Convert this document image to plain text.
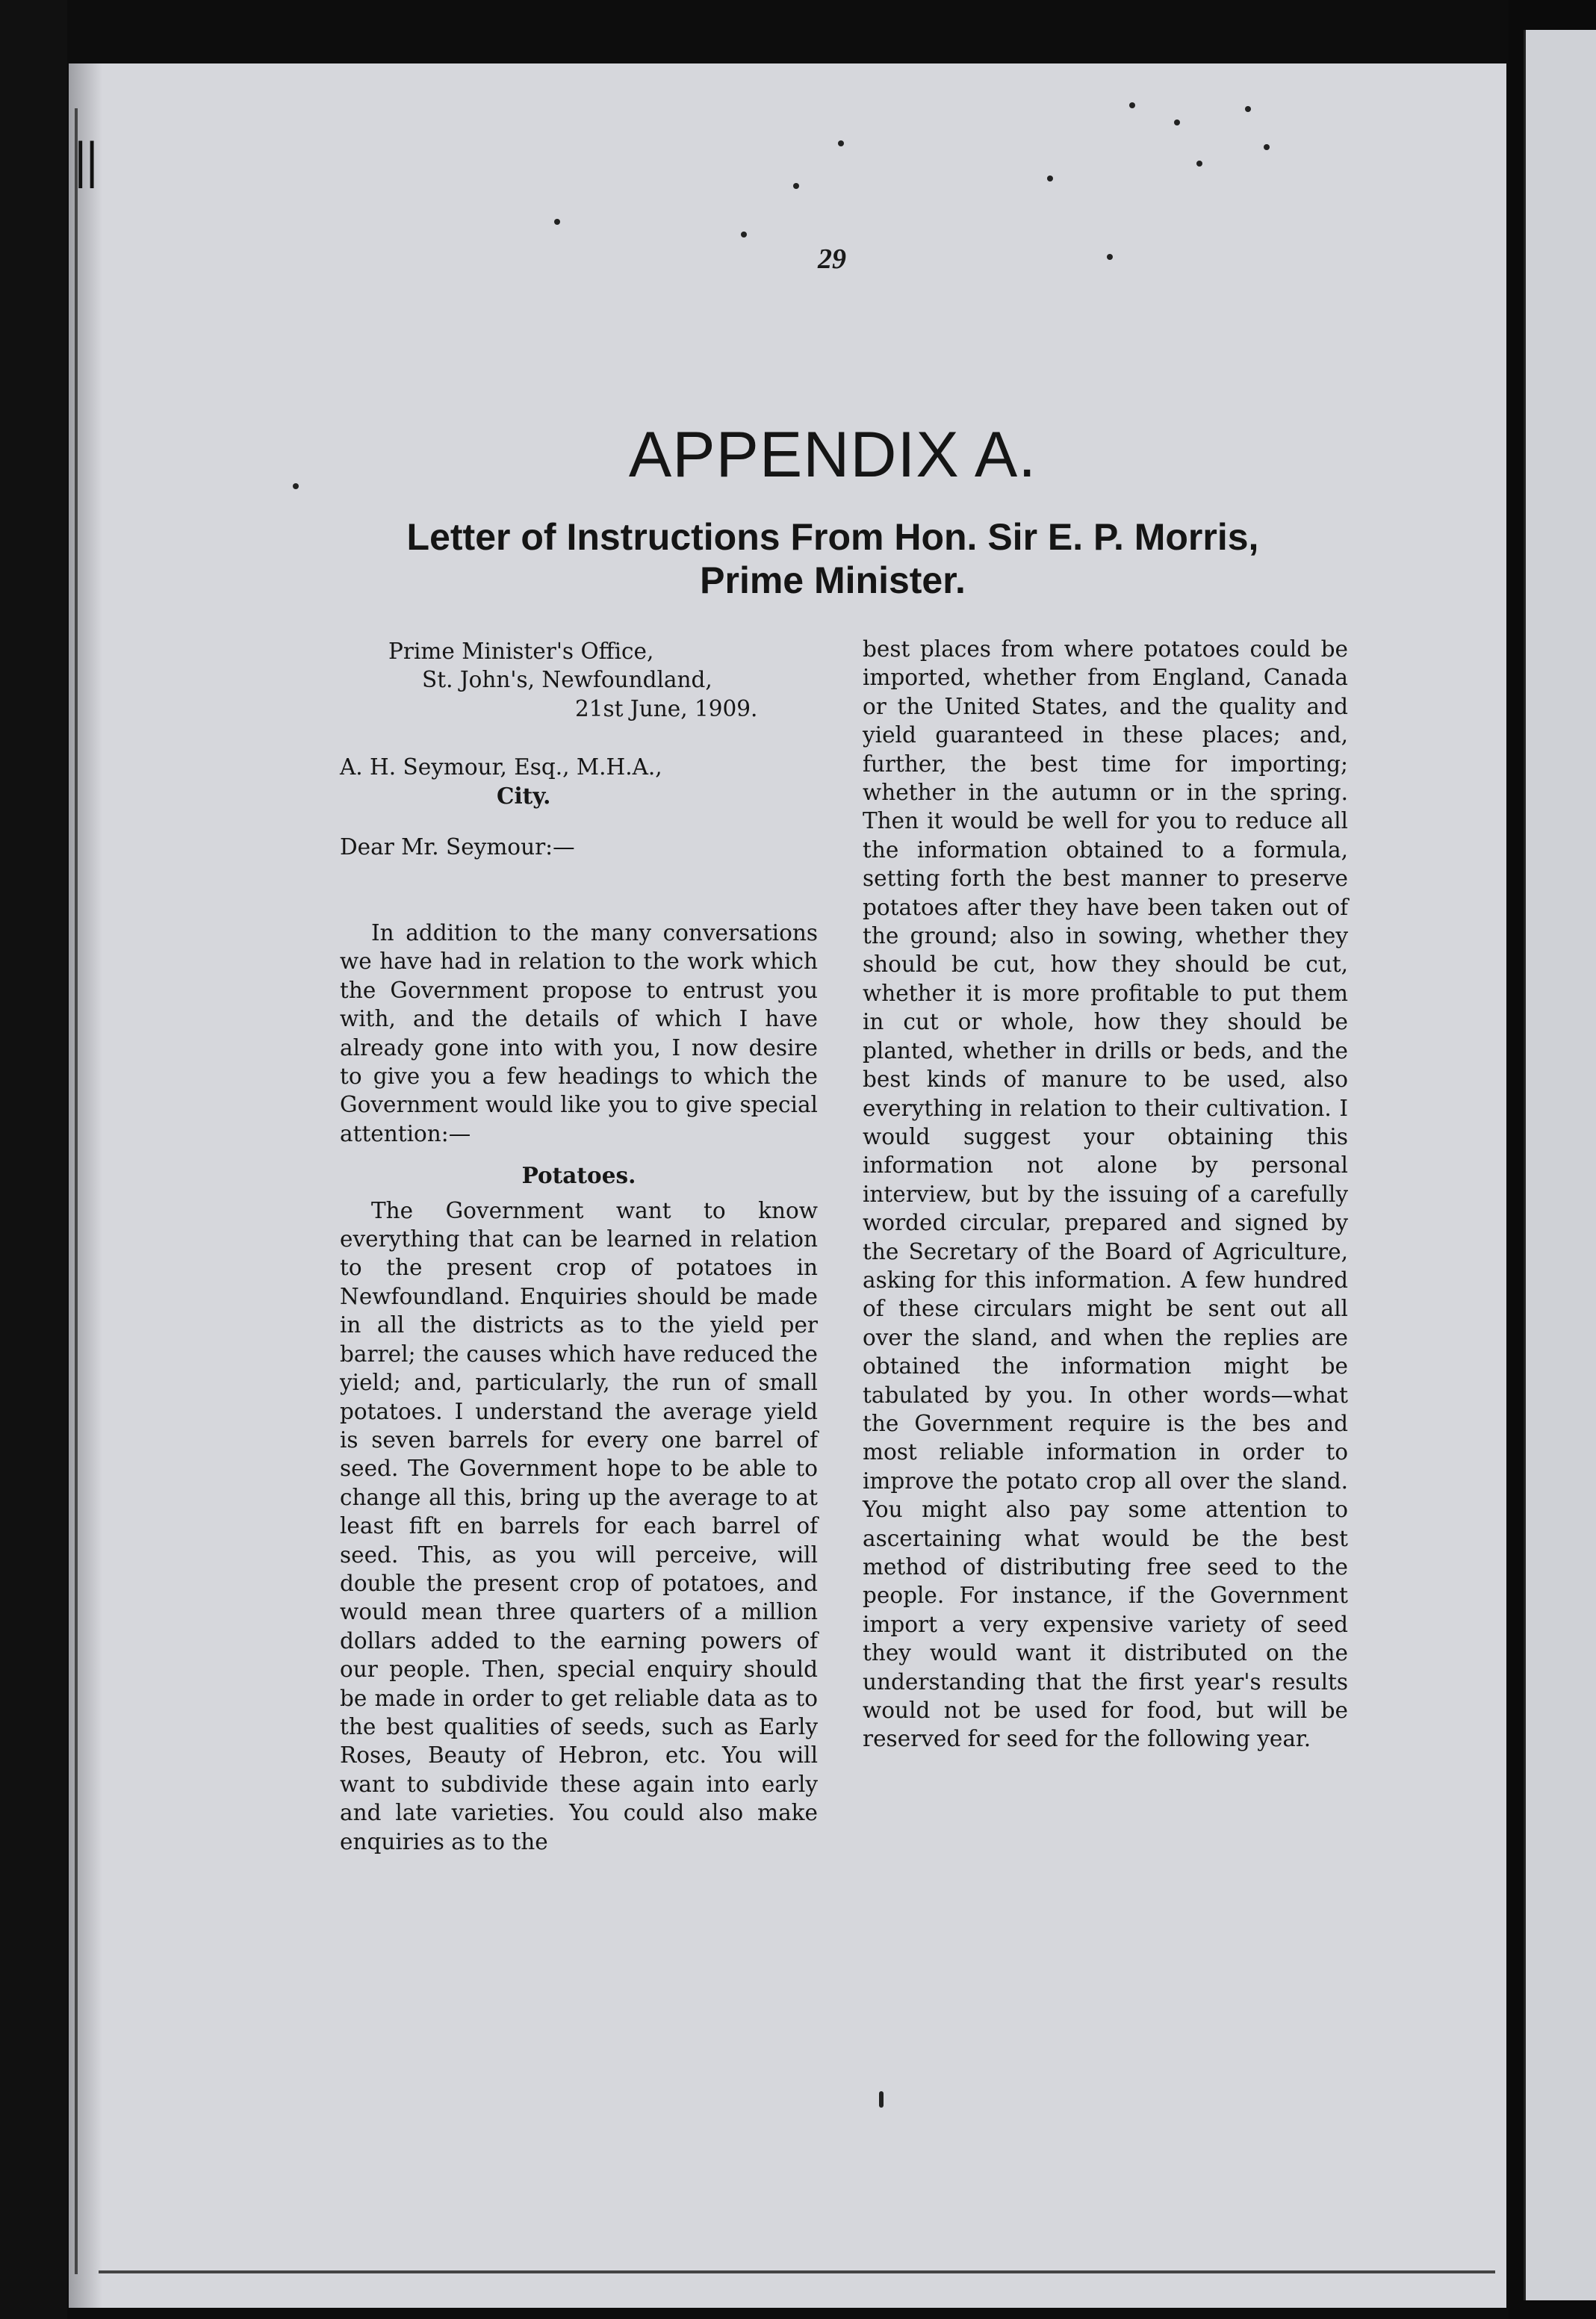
||
29
APPENDIX A.
Letter of Instructions From Hon. Sir E. P. Morris,
Prime Minister.
Prime Minister's Office,
St. John's, Newfoundland,
21st June, 1909.
A. H. Seymour, Esq., M.H.A.,
City.
Dear Mr. Seymour:—

In addition to the many conversations we have had in relation to the work which the Government propose to entrust you with, and the details of which I have already gone into with you, I now desire to give you a few headings to which the Government would like you to give special attention:—

Potatoes.

The Government want to know everything that can be learned in relation to the present crop of potatoes in Newfoundland. Enquiries should be made in all the districts as to the yield per barrel; the causes which have reduced the yield; and, particularly, the run of small potatoes. I understand the average yield is seven barrels for every one barrel of seed. The Government hope to be able to change all this, bring up the average to at least fift en barrels for each barrel of seed. This, as you will perceive, will double the present crop of potatoes, and would mean three quarters of a million dollars added to the earning powers of our people. Then, special enquiry should be made in order to get reliable data as to the best qualities of seeds, such as Early Roses, Beauty of Hebron, etc. You will want to subdivide these again into early and late varieties. You could also make enquiries as to the

best places from where potatoes could be imported, whether from England, Canada or the United States, and the quality and yield guaranteed in these places; and, further, the best time for importing; whether in the autumn or in the spring. Then it would be well for you to reduce all the information obtained to a formula, setting forth the best manner to preserve potatoes after they have been taken out of the ground; also in sowing, whether they should be cut, how they should be cut, whether it is more profitable to put them in cut or whole, how they should be planted, whether in drills or beds, and the best kinds of manure to be used, also everything in relation to their cultivation. I would suggest your obtaining this information not alone by personal interview, but by the issuing of a carefully worded circular, prepared and signed by the Secretary of the Board of Agriculture, asking for this information. A few hundred of these circulars might be sent out all over the sland, and when the replies are obtained the information might be tabulated by you. In other words—what the Government require is the bes and most reliable information in order to improve the potato crop all over the sland. You might also pay some attention to ascertaining what would be the best method of distributing free seed to the people. For instance, if the Government import a very expensive variety of seed they would want it distributed on the understanding that the first year's results would not be used for food, but will be reserved for seed for the following year.
